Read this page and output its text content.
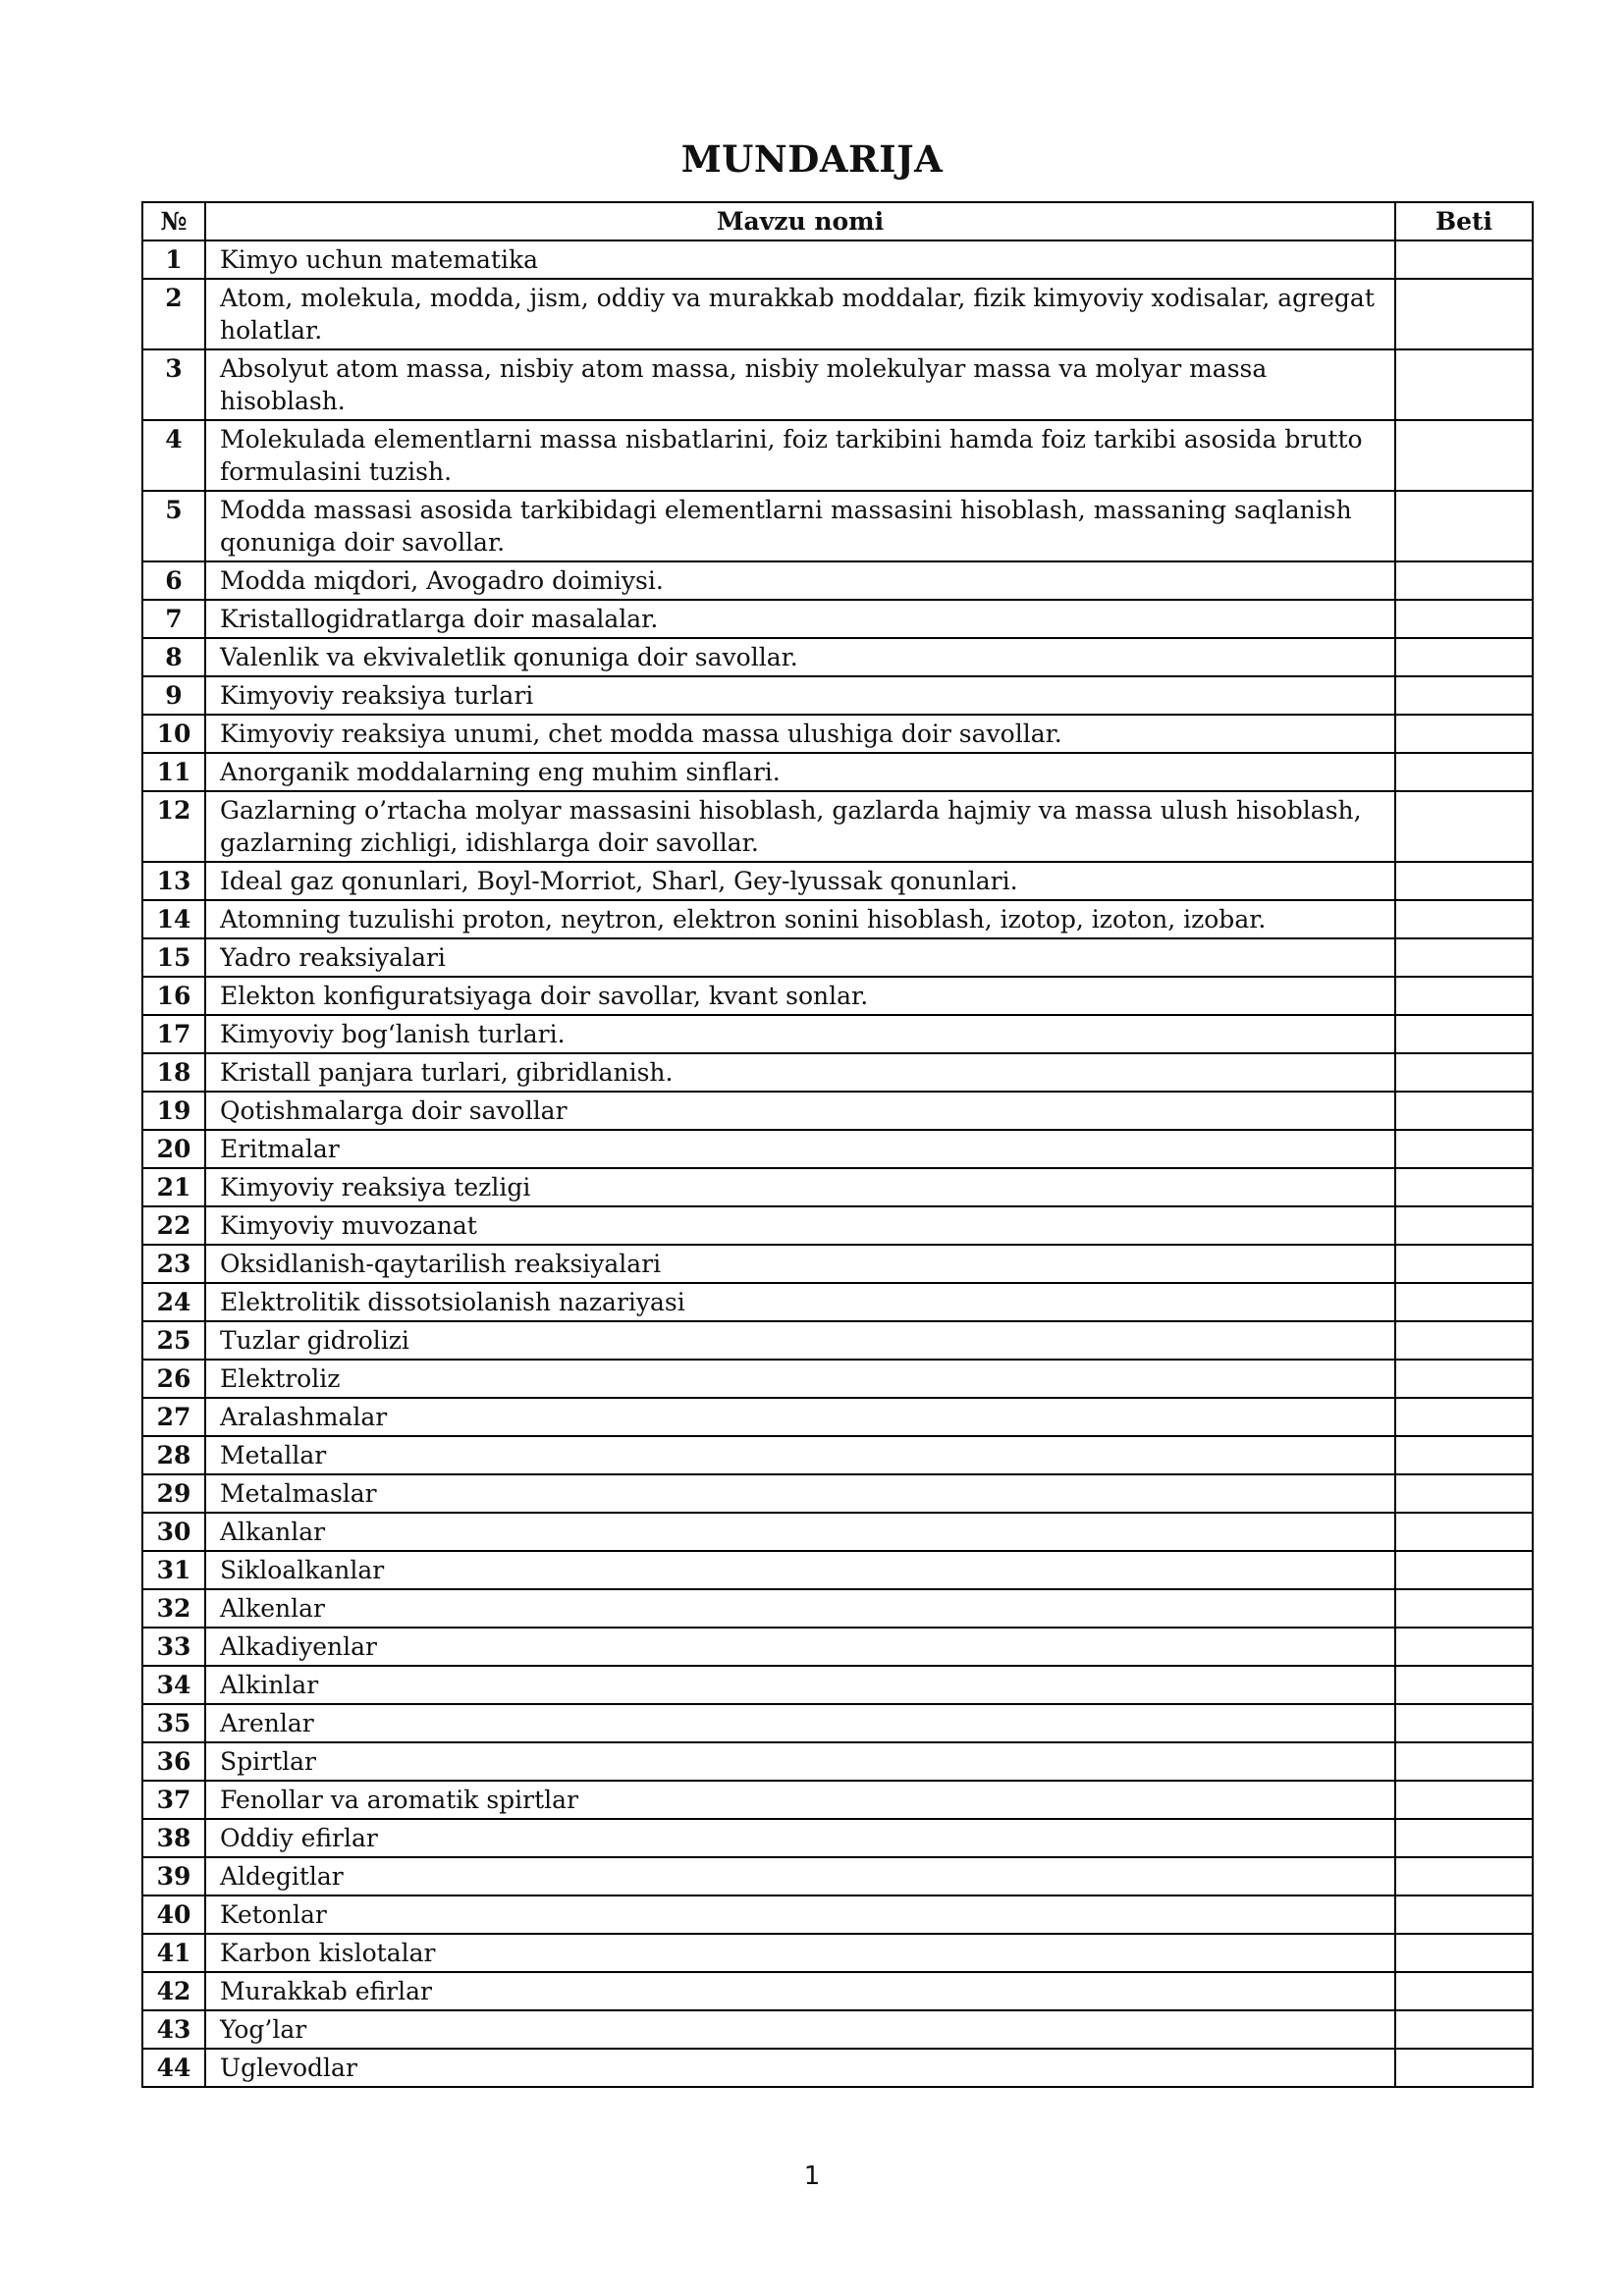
MUNDARIJA
№	Mavzu nomi	Beti
1	Kimyo uchun matematika	
2	Atom, molekula, modda, jism, oddiy va murakkab moddalar, fizik kimyoviy xodisalar, agregat holatlar.	
3	Absolyut atom massa, nisbiy atom massa, nisbiy molekulyar massa va molyar massa hisoblash.	
4	Molekulada elementlarni massa nisbatlarini, foiz tarkibini hamda foiz tarkibi asosida brutto formulasini tuzish.	
5	Modda massasi asosida tarkibidagi elementlarni massasini hisoblash, massaning saqlanish qonuniga doir savollar.	
6	Modda miqdori, Avogadro doimiysi.	
7	Kristallogidratlarga doir masalalar.	
8	Valenlik va ekvivaletlik qonuniga doir savollar.	
9	Kimyoviy reaksiya turlari	
10	Kimyoviy reaksiya unumi, chet modda massa ulushiga doir savollar.	
11	Anorganik moddalarning eng muhim sinflari.	
12	Gazlarning o’rtacha molyar massasini hisoblash, gazlarda hajmiy va massa ulush hisoblash, gazlarning zichligi, idishlarga doir savollar.	
13	Ideal gaz qonunlari, Boyl-Morriot, Sharl, Gey-lyussak qonunlari.	
14	Atomning tuzulishi proton, neytron, elektron sonini hisoblash, izotop, izoton, izobar.	
15	Yadro reaksiyalari	
16	Elekton konfiguratsiyaga doir savollar, kvant sonlar.	
17	Kimyoviy bog‘lanish turlari.	
18	Kristall panjara turlari, gibridlanish.	
19	Qotishmalarga doir savollar	
20	Eritmalar	
21	Kimyoviy reaksiya tezligi	
22	Kimyoviy muvozanat	
23	Oksidlanish-qaytarilish reaksiyalari	
24	Elektrolitik dissotsiolanish nazariyasi	
25	Tuzlar gidrolizi	
26	Elektroliz	
27	Aralashmalar	
28	Metallar	
29	Metalmaslar	
30	Alkanlar	
31	Sikloalkanlar	
32	Alkenlar	
33	Alkadiyenlar	
34	Alkinlar	
35	Arenlar	
36	Spirtlar	
37	Fenollar va aromatik spirtlar	
38	Oddiy efirlar	
39	Aldegitlar	
40	Ketonlar	
41	Karbon kislotalar	
42	Murakkab efirlar	
43	Yog’lar	
44	Uglevodlar	
1
